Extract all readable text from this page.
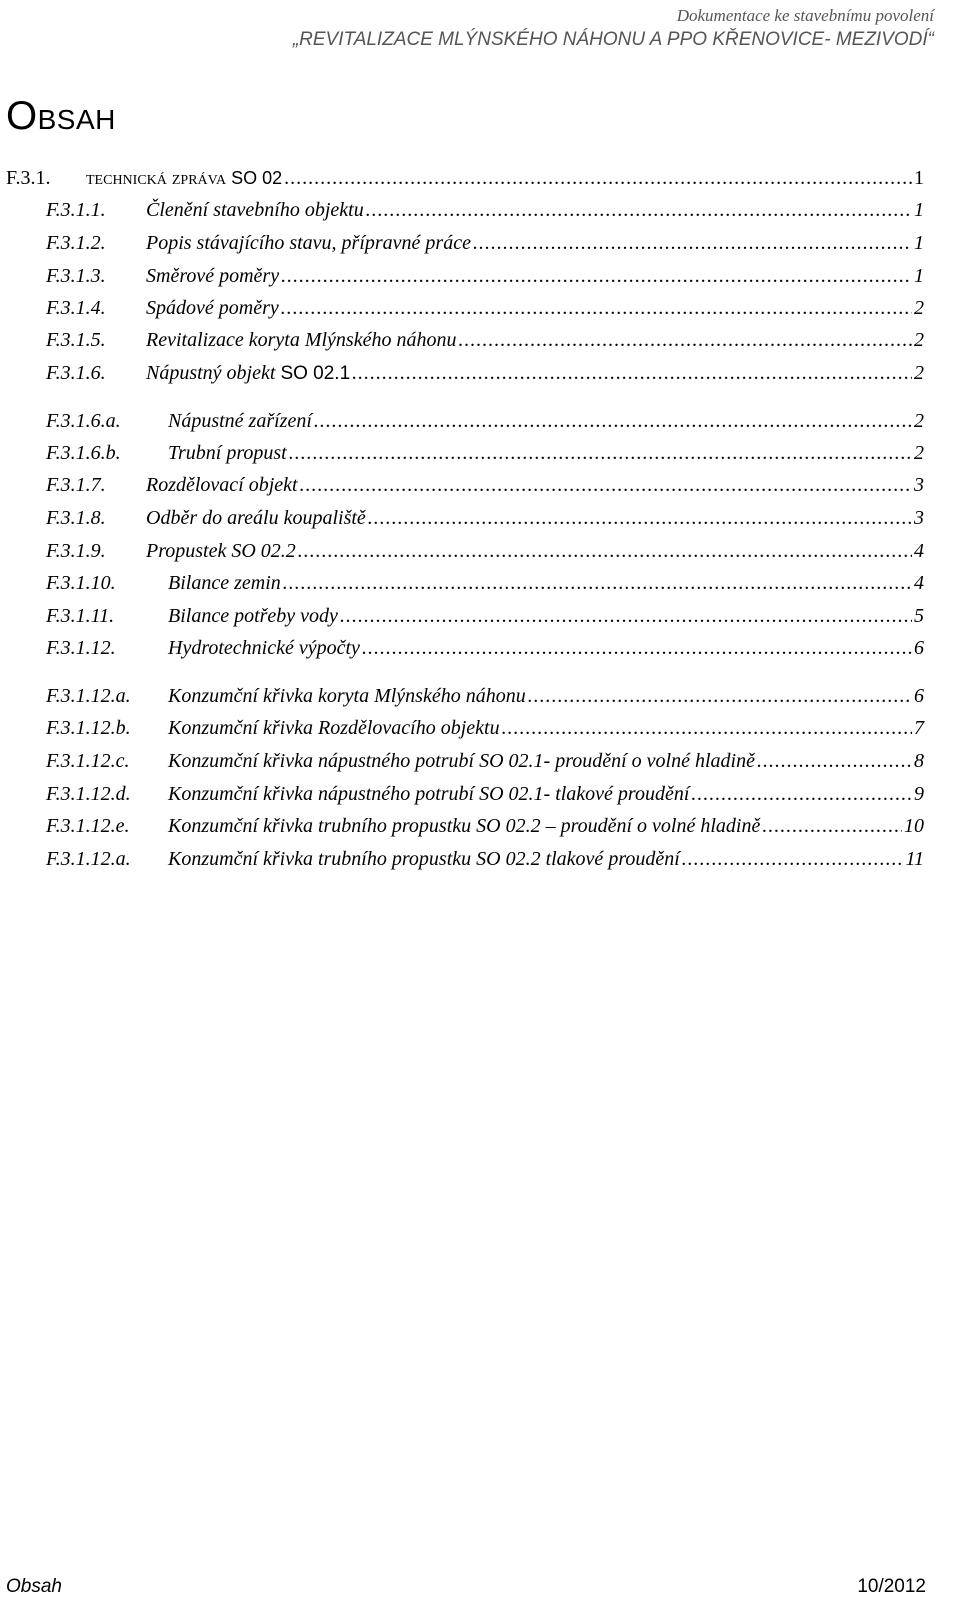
Dokumentace ke stavebnímu povolení
„REVITALIZACE MLÝNSKÉHO NÁHONU A PPO KŘENOVICE- MEZIVODÍ“
Obsah
F.3.1.	technická zpráva SO 02 .....	1
F.3.1.1.	Členění stavebního objektu .....	1
F.3.1.2.	Popis stávajícího stavu, přípravné práce .....	1
F.3.1.3.	Směrové poměry .....	1
F.3.1.4.	Spádové poměry .....	2
F.3.1.5.	Revitalizace koryta Mlýnského náhonu .....	2
F.3.1.6.	Nápustný objekt SO 02.1 .....	2
F.3.1.6.a.	Nápustné zařízení .....	2
F.3.1.6.b.	Trubní propust .....	2
F.3.1.7.	Rozdělovací objekt .....	3
F.3.1.8.	Odběr do areálu koupaliště .....	3
F.3.1.9.	Propustek SO 02.2 .....	4
F.3.1.10.	Bilance zemin .....	4
F.3.1.11.	Bilance potřeby vody .....	5
F.3.1.12.	Hydrotechnické výpočty .....	6
F.3.1.12.a.	Konzumční křivka koryta Mlýnského náhonu .....	6
F.3.1.12.b.	Konzumční křivka Rozdělovacího objektu .....	7
F.3.1.12.c.	Konzumční křivka nápustného potrubí SO 02.1- proudění o volné hladině .....	8
F.3.1.12.d.	Konzumční křivka nápustného potrubí SO 02.1- tlakové proudění .....	9
F.3.1.12.e.	Konzumční křivka trubního propustku SO 02.2 – proudění o volné hladině .....	10
F.3.1.12.a.	Konzumční křivka trubního propustku SO 02.2 tlakové proudění .....	11
Obsah	10/2012
